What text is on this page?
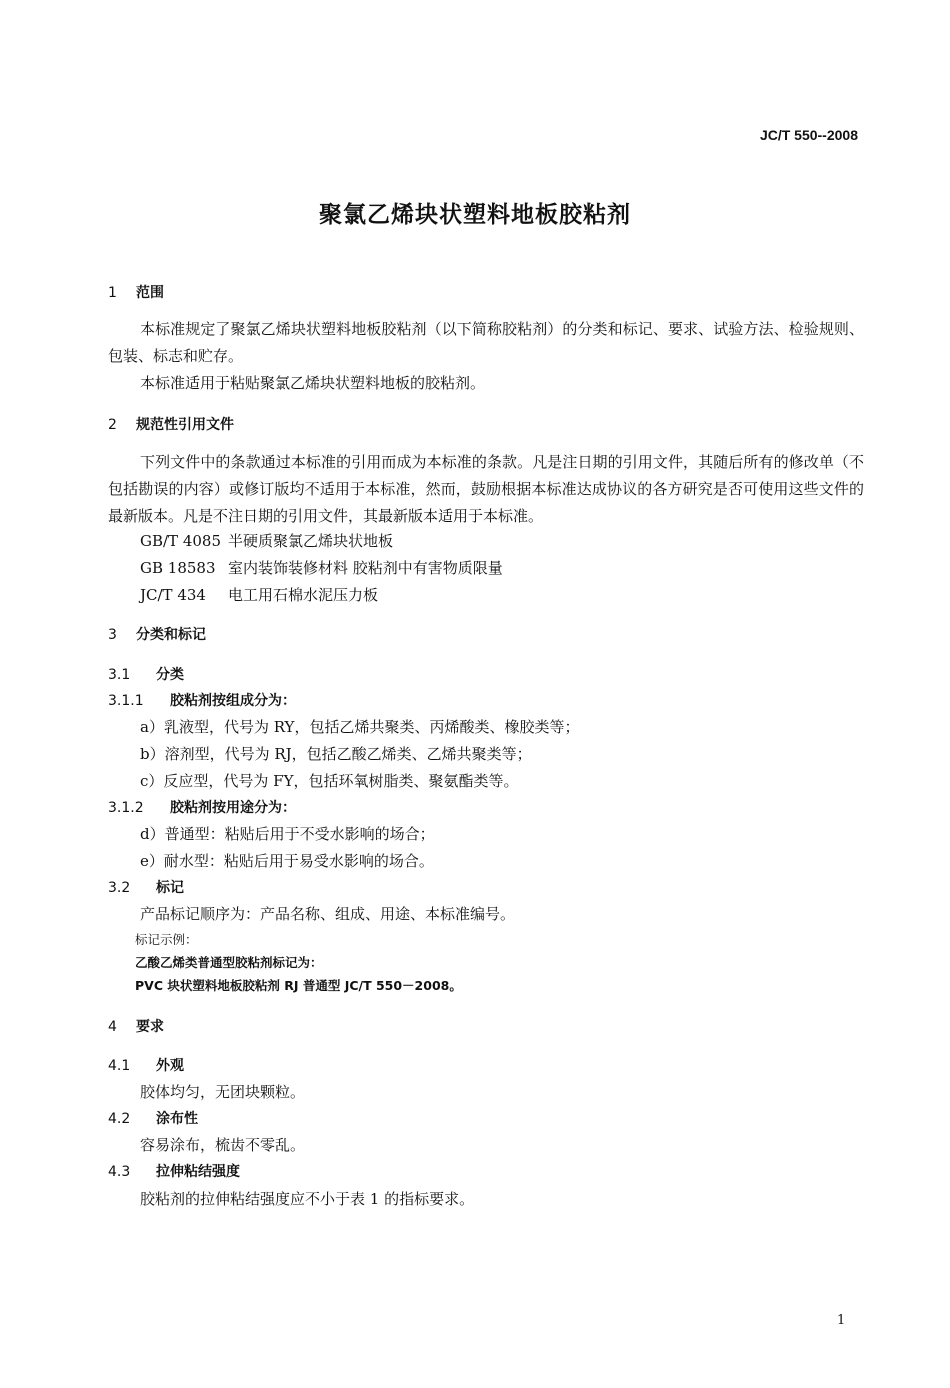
JC/T 550--2008
聚氯乙烯块状塑料地板胶粘剂
1 范围

本标准规定了聚氯乙烯块状塑料地板胶粘剂（以下简称胶粘剂）的分类和标记、要求、试验方法、检验规则、包装、标志和贮存。

本标准适用于粘贴聚氯乙烯块状塑料地板的胶粘剂。

2 规范性引用文件

下列文件中的条款通过本标准的引用而成为本标准的条款。凡是注日期的引用文件，其随后所有的修改单（不包括勘误的内容）或修订版均不适用于本标准，然而，鼓励根据本标准达成协议的各方研究是否可使用这些文件的最新版本。凡是不注日期的引用文件，其最新版本适用于本标准。

GB/T 4085 半硬质聚氯乙烯块状地板
GB 18583 室内装饰装修材料 胶粘剂中有害物质限量
JC/T 434 电工用石棉水泥压力板
3 分类和标记
3.1 分类
3.1.1 胶粘剂按组成分为：
a）乳液型，代号为 RY，包括乙烯共聚类、丙烯酸类、橡胶类等；
b）溶剂型，代号为 RJ，包括乙酸乙烯类、乙烯共聚类等；
c）反应型，代号为 FY，包括环氧树脂类、聚氨酯类等。
3.1.2 胶粘剂按用途分为：
d）普通型：粘贴后用于不受水影响的场合；
e）耐水型：粘贴后用于易受水影响的场合。
3.2 标记
产品标记顺序为：产品名称、组成、用途、本标准编号。
标记示例：
乙酸乙烯类普通型胶粘剂标记为：
PVC 块状塑料地板胶粘剂 RJ 普通型 JC/T 550－2008。
4 要求
4.1 外观
胶体均匀，无团块颗粒。
4.2 涂布性
容易涂布，梳齿不零乱。
4.3 拉伸粘结强度
胶粘剂的拉伸粘结强度应不小于表 1 的指标要求。
1
